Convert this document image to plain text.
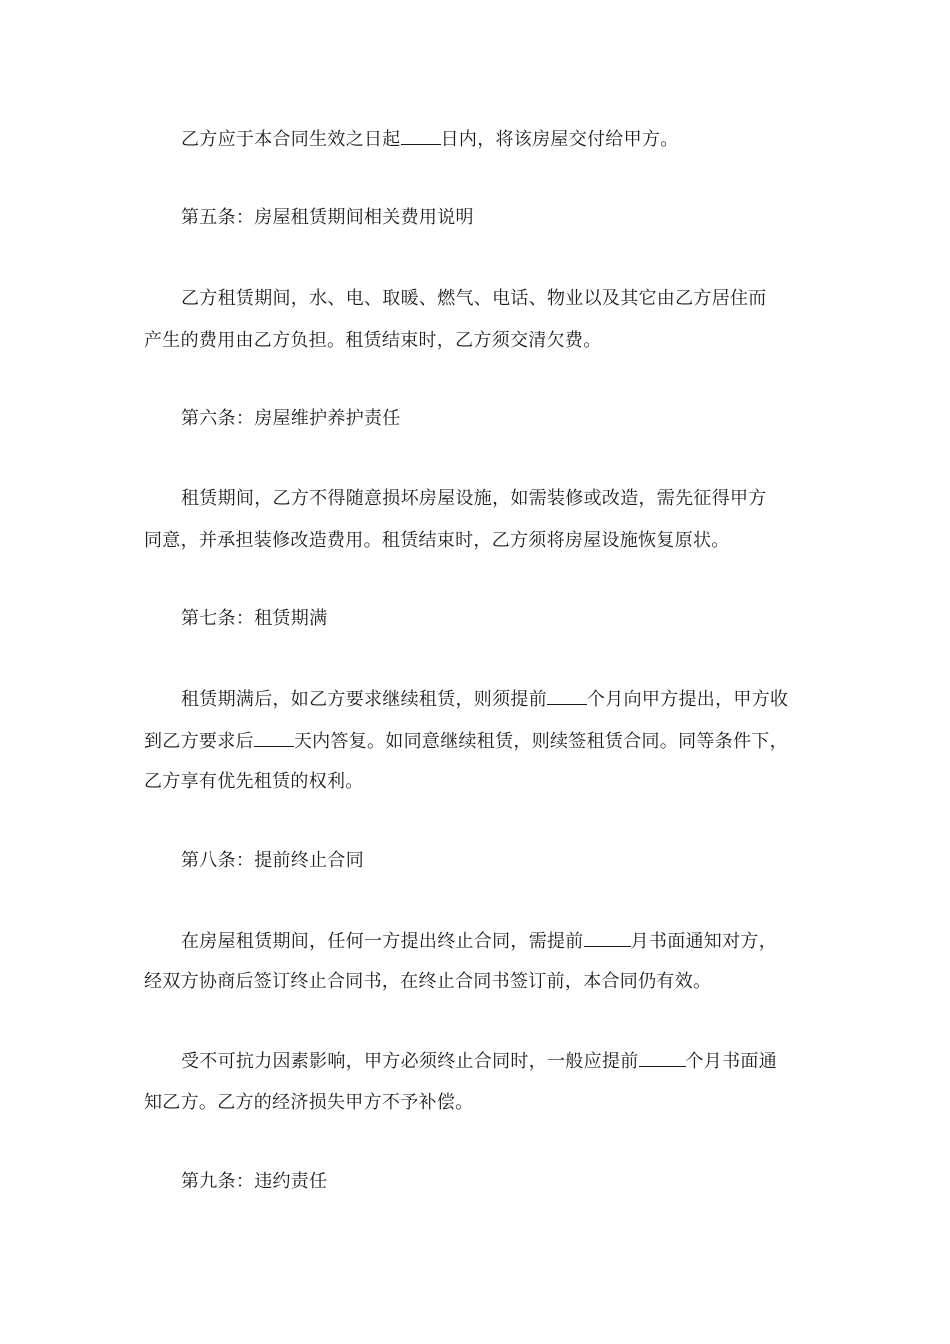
乙方应于本合同生效之日起 日内，将该房屋交付给甲方。
第五条：房屋租赁期间相关费用说明
乙方租赁期间，水、电、取暖、燃气、电话、物业以及其它由乙方居住而
产生的费用由乙方负担。租赁结束时，乙方须交清欠费。
第六条：房屋维护养护责任
租赁期间，乙方不得随意损坏房屋设施，如需装修或改造，需先征得甲方
同意，并承担装修改造费用。租赁结束时，乙方须将房屋设施恢复原状。
第七条：租赁期满
租赁期满后，如乙方要求继续租赁，则须提前 个月向甲方提出，甲方收
到乙方要求后 天内答复。如同意继续租赁，则续签租赁合同。同等条件下，
乙方享有优先租赁的权利。
第八条：提前终止合同
在房屋租赁期间，任何一方提出终止合同，需提前	月书面通知对方，
经双方协商后签订终止合同书，在终止合同书签订前，本合同仍有效。
受不可抗力因素影响，甲方必须终止合同时，一般应提前	个月书面通
知乙方。乙方的经济损失甲方不予补偿。
第九条：违约责任
